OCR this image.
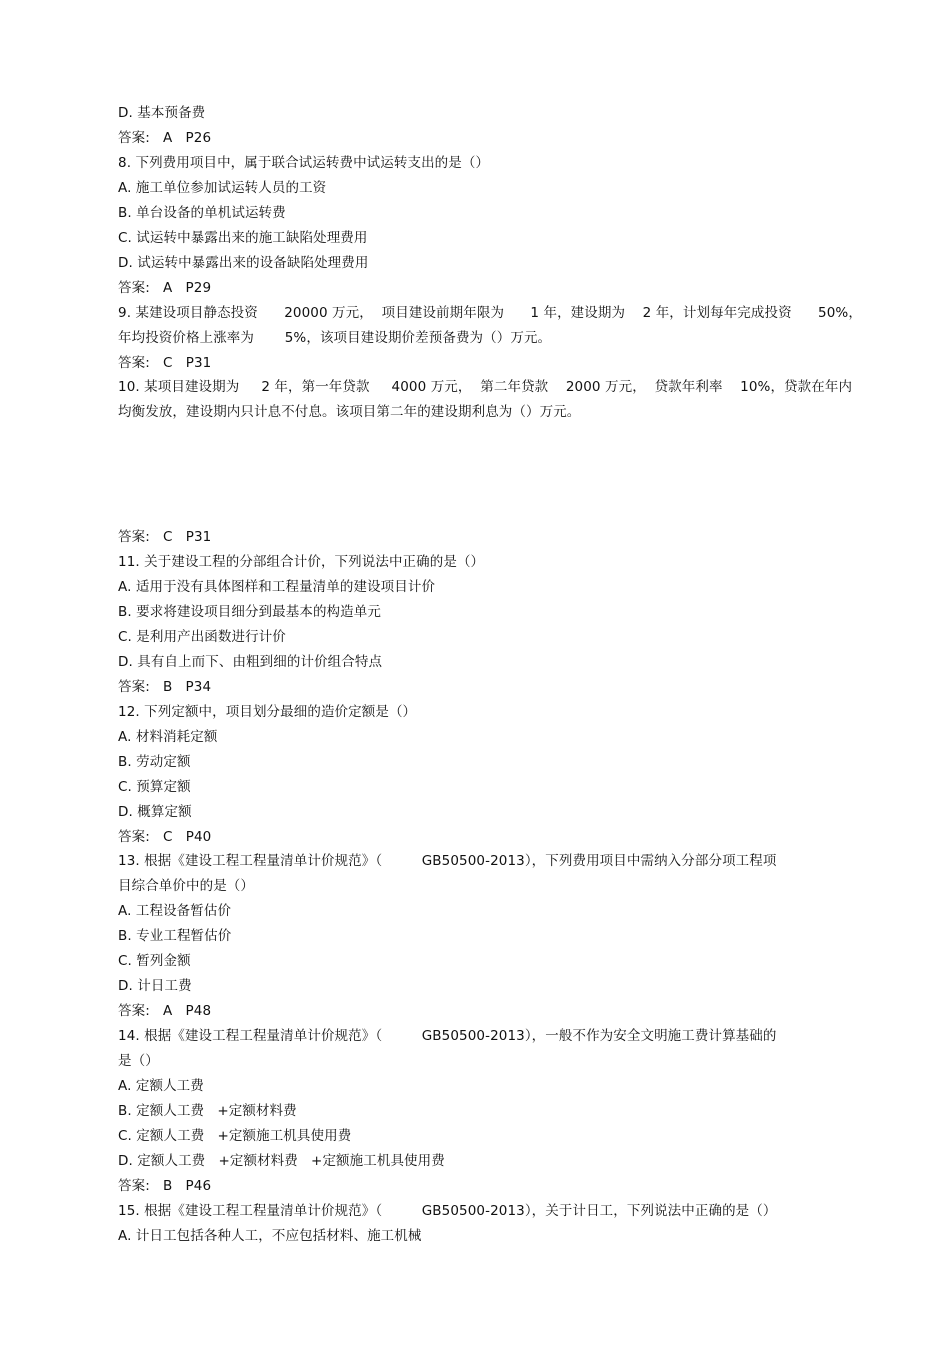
D. 基本预备费
答案:   A   P26
8. 下列费用项目中，属于联合试运转费中试运转支出的是（）
A. 施工单位参加试运转人员的工资
B. 单台设备的单机试运转费
C. 试运转中暴露出来的施工缺陷处理费用
D. 试运转中暴露出来的设备缺陷处理费用
答案:   A   P29
9. 某建设项目静态投资      20000 万元，  项目建设前期年限为      1 年，建设期为    2 年，计划每年完成投资      50%，
年均投资价格上涨率为       5%，该项目建设期价差预备费为（）万元。
答案:   C   P31
10. 某项目建设期为     2 年，第一年贷款     4000 万元，  第二年贷款    2000 万元，  贷款年利率    10%，贷款在年内
均衡发放，建设期内只计息不付息。该项目第二年的建设期利息为（）万元。
答案:   C   P31
11. 关于建设工程的分部组合计价，下列说法中正确的是（）
A. 适用于没有具体图样和工程量清单的建设项目计价
B. 要求将建设项目细分到最基本的构造单元
C. 是利用产出函数进行计价
D. 具有自上而下、由粗到细的计价组合特点
答案:   B   P34
12. 下列定额中，项目划分最细的造价定额是（）
A. 材料消耗定额
B. 劳动定额
C. 预算定额
D. 概算定额
答案:   C   P40
13. 根据《建设工程工程量清单计价规范》（         GB50500-2013），下列费用项目中需纳入分部分项工程项
目综合单价中的是（）
A. 工程设备暂估价
B. 专业工程暂估价
C. 暂列金额
D. 计日工费
答案:   A   P48
14. 根据《建设工程工程量清单计价规范》（         GB50500-2013），一般不作为安全文明施工费计算基础的
是（）
A. 定额人工费
B. 定额人工费   +定额材料费
C. 定额人工费   +定额施工机具使用费
D. 定额人工费   +定额材料费   +定额施工机具使用费
答案:   B   P46
15. 根据《建设工程工程量清单计价规范》（         GB50500-2013），关于计日工，下列说法中正确的是（）
A. 计日工包括各种人工，不应包括材料、施工机械
